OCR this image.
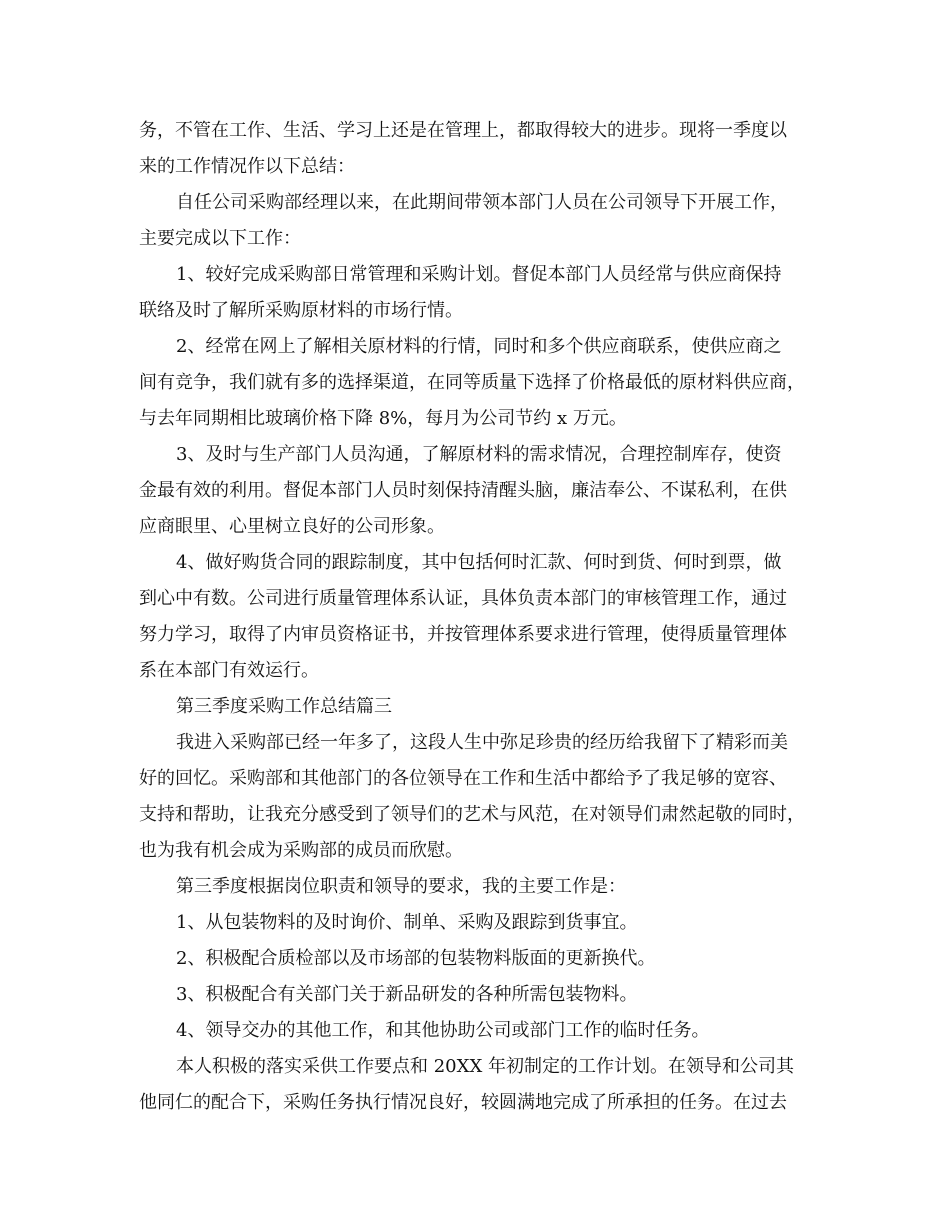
务，不管在工作、生活、学习上还是在管理上，都取得较大的进步。现将一季度以
来的工作情况作以下总结：
自任公司采购部经理以来，在此期间带领本部门人员在公司领导下开展工作，
主要完成以下工作：
1、较好完成采购部日常管理和采购计划。督促本部门人员经常与供应商保持
联络及时了解所采购原材料的市场行情。
2、经常在网上了解相关原材料的行情，同时和多个供应商联系，使供应商之
间有竞争，我们就有多的选择渠道，在同等质量下选择了价格最低的原材料供应商，
与去年同期相比玻璃价格下降 8%，每月为公司节约 x 万元。
3、及时与生产部门人员沟通，了解原材料的需求情况，合理控制库存，使资
金最有效的利用。督促本部门人员时刻保持清醒头脑，廉洁奉公、不谋私利，在供
应商眼里、心里树立良好的公司形象。
4、做好购货合同的跟踪制度，其中包括何时汇款、何时到货、何时到票，做
到心中有数。公司进行质量管理体系认证，具体负责本部门的审核管理工作，通过
努力学习，取得了内审员资格证书，并按管理体系要求进行管理，使得质量管理体
系在本部门有效运行。
第三季度采购工作总结篇三
我进入采购部已经一年多了，这段人生中弥足珍贵的经历给我留下了精彩而美
好的回忆。采购部和其他部门的各位领导在工作和生活中都给予了我足够的宽容、
支持和帮助，让我充分感受到了领导们的艺术与风范，在对领导们肃然起敬的同时，
也为我有机会成为采购部的成员而欣慰。
第三季度根据岗位职责和领导的要求，我的主要工作是：
1、从包装物料的及时询价、制单、采购及跟踪到货事宜。
2、积极配合质检部以及市场部的包装物料版面的更新换代。
3、积极配合有关部门关于新品研发的各种所需包装物料。
4、领导交办的其他工作，和其他协助公司或部门工作的临时任务。
本人积极的落实采供工作要点和 20XX 年初制定的工作计划。在领导和公司其
他同仁的配合下，采购任务执行情况良好，较圆满地完成了所承担的任务。在过去
